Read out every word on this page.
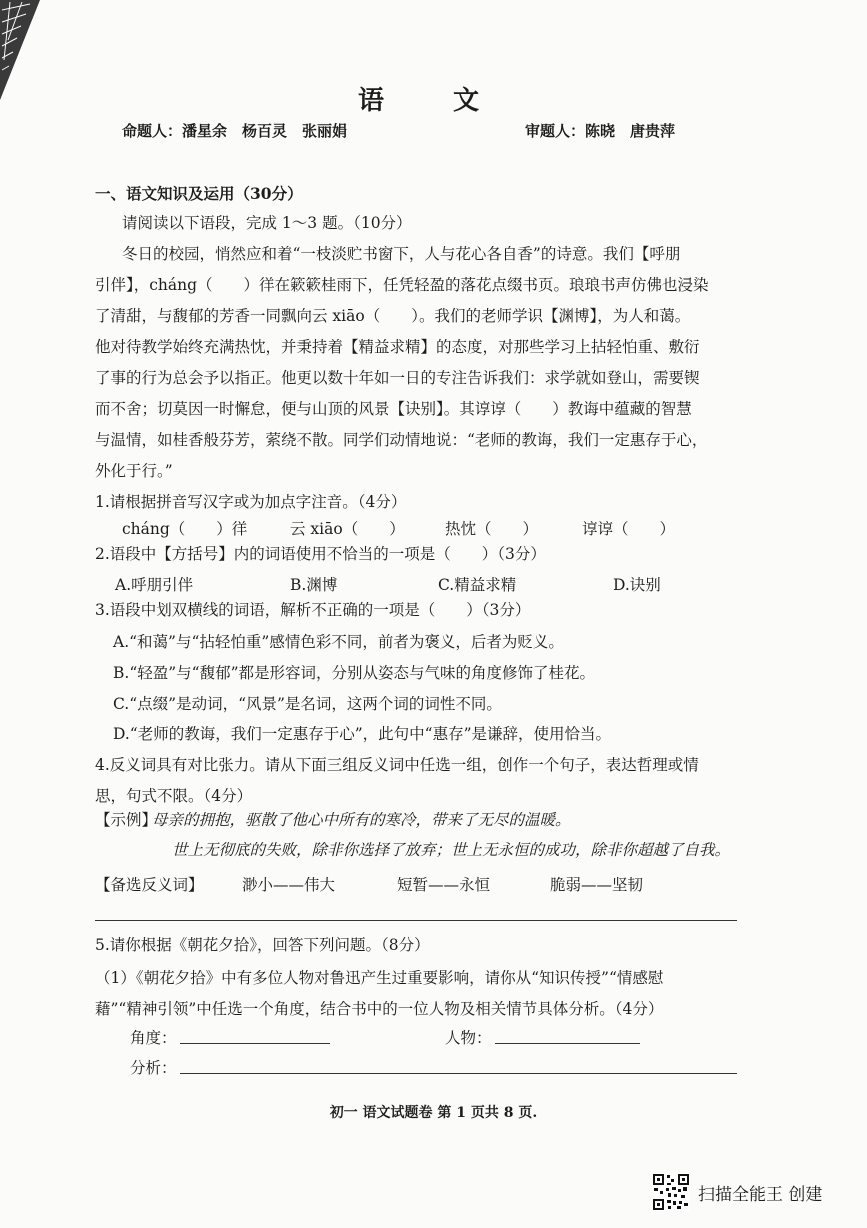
语 文
命题人：潘星余　杨百灵　张丽娟	审题人：陈晓　唐贵萍
一、语文知识及运用（30分）
请阅读以下语段，完成 1～3 题。（10分）
冬日的校园，悄然应和着“一枝淡贮书窗下，人与花心各自香”的诗意。我们【呼朋
引伴】，cháng（　　）徉在簌簌桂雨下，任凭轻盈的落花点缀书页。琅琅书声仿佛也浸染
了清甜，与馥郁的芳香一同飘向云 xiāo（　　）。我们的老师学识【渊博】，为人和蔼。
他对待教学始终充满热忱，并秉持着【精益求精】的态度，对那些学习上拈轻怕重、敷衍
了事的行为总会予以指正。他更以数十年如一日的专注告诉我们：求学就如登山，需要锲
而不舍；切莫因一时懈怠，便与山顶的风景【诀别】。其谆谆（　　）教诲中蕴藏的智慧
与温情，如桂香般芬芳，萦绕不散。同学们动情地说：“老师的教诲，我们一定惠存于心，
外化于行。”
1.请根据拼音写汉字或为加点字注音。（4分）
cháng（　　）徉	云 xiāo（　　）	热忱（　　）	谆谆（　　）
2.语段中【方括号】内的词语使用不恰当的一项是（　　）（3分）
A.呼朋引伴	B.渊博	C.精益求精	D.诀别
3.语段中划双横线的词语，解析不正确的一项是（　　）（3分）
A.“和蔼”与“拈轻怕重”感情色彩不同，前者为褒义，后者为贬义。
B.“轻盈”与“馥郁”都是形容词，分别从姿态与气味的角度修饰了桂花。
C.“点缀”是动词，“风景”是名词，这两个词的词性不同。
D.“老师的教诲，我们一定惠存于心”，此句中“惠存”是谦辞，使用恰当。
4.反义词具有对比张力。请从下面三组反义词中任选一组，创作一个句子，表达哲理或情
思，句式不限。（4分）
【示例】
母亲的拥抱，驱散了他心中所有的寒冷，带来了无尽的温暖。
世上无彻底的失败，除非你选择了放弃；世上无永恒的成功，除非你超越了自我。
【备选反义词】 渺小——伟大	短暂——永恒	脆弱——坚韧
5.请你根据《朝花夕拾》，回答下列问题。（8分）
（1）《朝花夕拾》中有多位人物对鲁迅产生过重要影响，请你从“知识传授”“情感慰
藉”“精神引领”中任选一个角度，结合书中的一位人物及相关情节具体分析。（4分）
角度：	人物：
分析：
初一 语文试题卷 第 1 页共 8 页.
扫描全能王 创建
